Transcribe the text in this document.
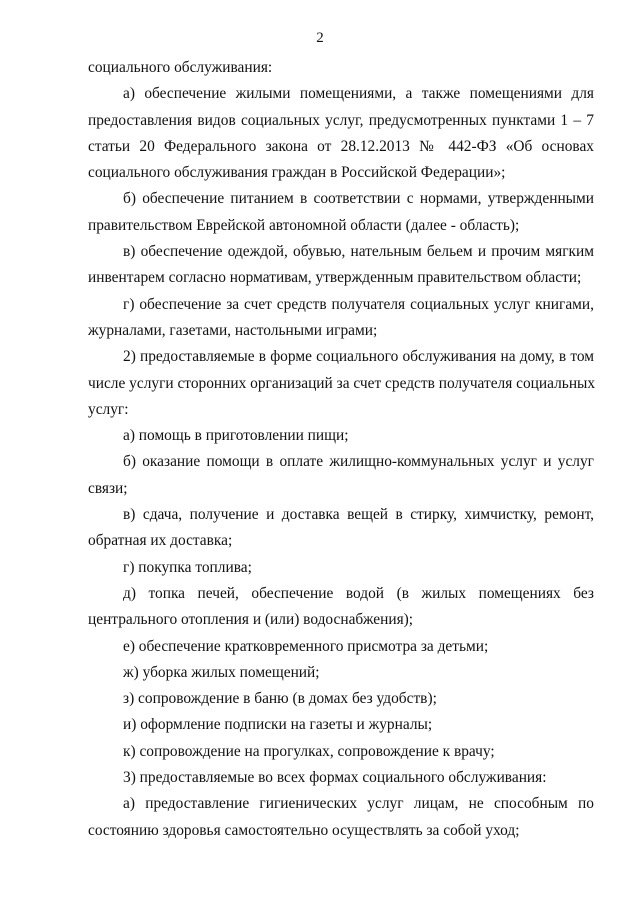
2

социального обслуживания:

а) обеспечение жилыми помещениями, а также помещениями для
предоставления видов социальных услуг, предусмотренных пунктами 1 – 7
статьи 20 Федерального закона от 28.12.2013 № 442-ФЗ «Об основах
социального обслуживания граждан в Российской Федерации»;

б) обеспечение питанием в соответствии с нормами, утвержденными
правительством Еврейской автономной области (далее - область);

в) обеспечение одеждой, обувью, нательным бельем и прочим мягким
инвентарем согласно нормативам, утвержденным правительством области;

г) обеспечение за счет средств получателя социальных услуг книгами,
журналами, газетами, настольными играми;

2) предоставляемые в форме социального обслуживания на дому, в том
числе услуги сторонних организаций за счет средств получателя социальных
услуг:

а) помощь в приготовлении пищи;

б) оказание помощи в оплате жилищно-коммунальных услуг и услуг
связи;

в) сдача, получение и доставка вещей в стирку, химчистку, ремонт,
обратная их доставка;

г) покупка топлива;

д) топка печей, обеспечение водой (в жилых помещениях без
центрального отопления и (или) водоснабжения);

е) обеспечение кратковременного присмотра за детьми;

ж) уборка жилых помещений;

з) сопровождение в баню (в домах без удобств);

и) оформление подписки на газеты и журналы;

к) сопровождение на прогулках, сопровождение к врачу;

3) предоставляемые во всех формах социального обслуживания:

а) предоставление гигиенических услуг лицам, не способным по
состоянию здоровья самостоятельно осуществлять за собой уход;
